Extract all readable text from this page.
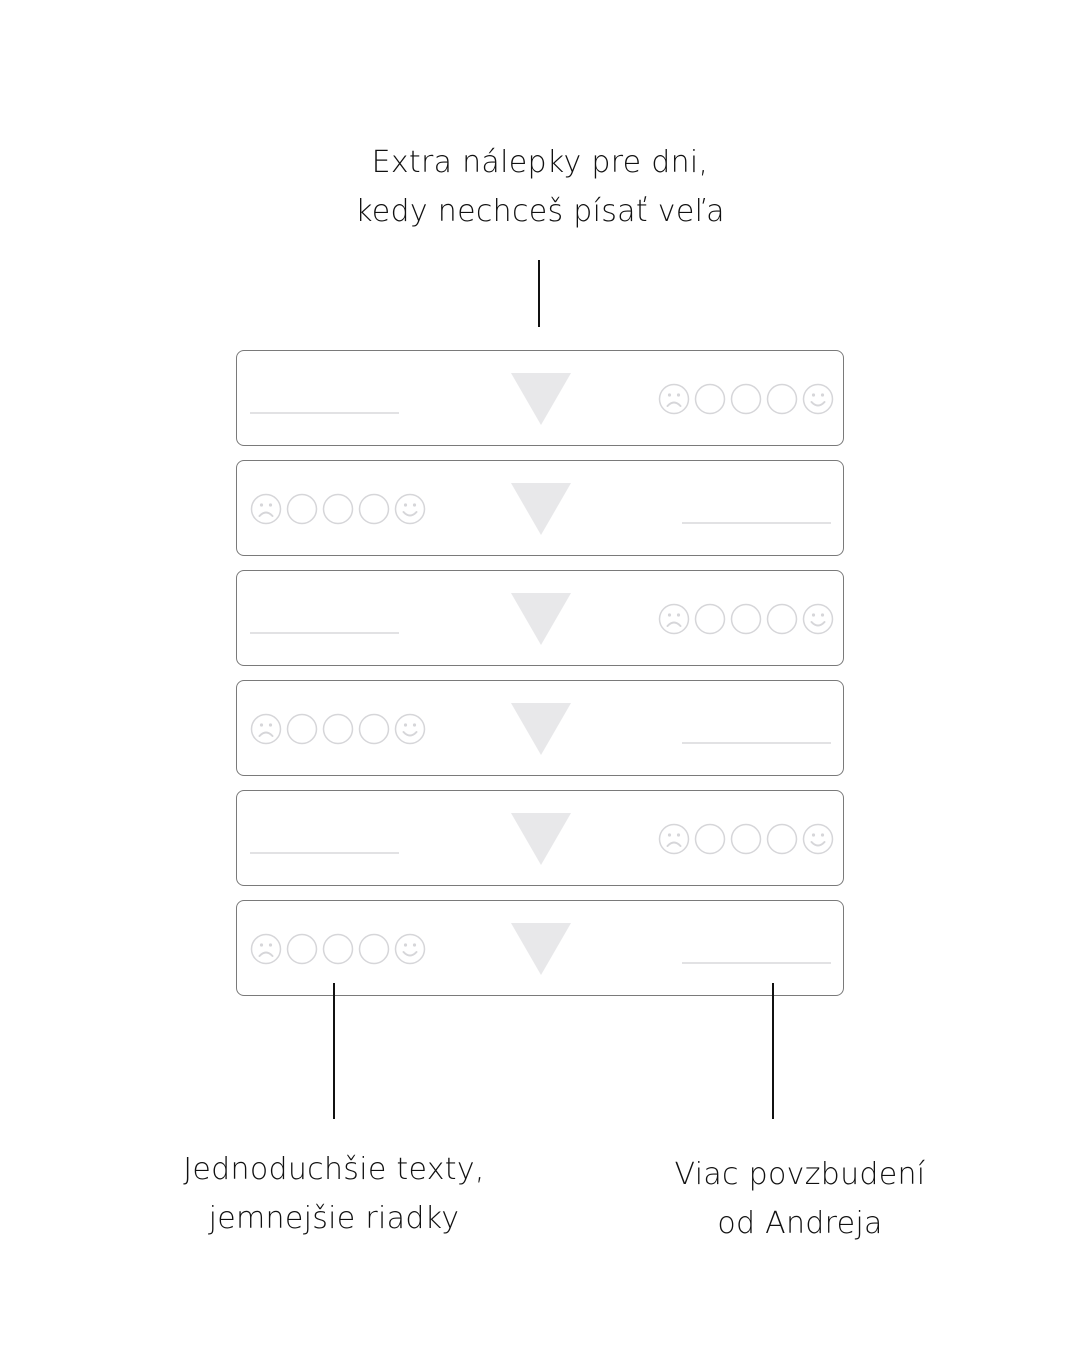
Extra nálepky pre dni,
kedy nechceš písať veľa
Jednoduchšie texty,
jemnejšie riadky
Viac povzbudení
od Andreja
